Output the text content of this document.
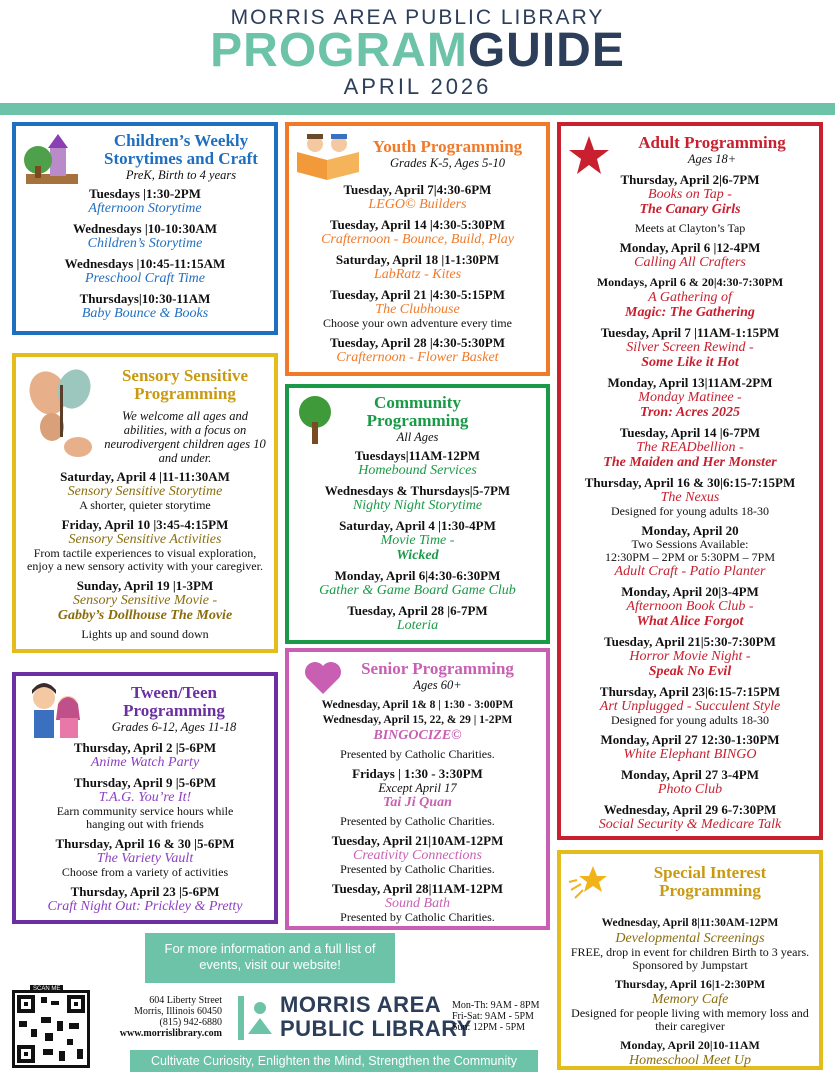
MORRIS AREA PUBLIC LIBRARY
PROGRAMGUIDE
APRIL 2026
Children’s Weekly Storytimes and Craft
PreK, Birth to 4 years
Tuesdays |1:30-2PM
Afternoon Storytime
Wednesdays |10-10:30AM
Children’s Storytime
Wednesdays |10:45-11:15AM
Preschool Craft Time
Thursdays|10:30-11AM
Baby Bounce & Books
Youth Programming
Grades K-5, Ages 5-10
Tuesday, April 7|4:30-6PM
LEGO© Builders
Tuesday, April 14 |4:30-5:30PM
Crafternoon - Bounce, Build, Play
Saturday, April 18 |1-1:30PM
LabRatz - Kites
Tuesday, April 21 |4:30-5:15PM
The Clubhouse
Choose your own adventure every time
Tuesday, April 28 |4:30-5:30PM
Crafternoon - Flower Basket
Adult Programming
Ages 18+
Thursday, April 2|6-7PM
Books on Tap -
The Canary Girls
Meets at Clayton’s Tap
Monday, April 6 |12-4PM
Calling All Crafters
Mondays, April 6 & 20|4:30-7:30PM
A Gathering of
Magic: The Gathering
Tuesday, April 7 |11AM-1:15PM
Silver Screen Rewind -
Some Like it Hot
Monday, April 13|11AM-2PM
Monday Matinee -
Tron: Acres 2025
Tuesday, April 14 |6-7PM
The READbellion -
The Maiden and Her Monster
Thursday, April 16 & 30|6:15-7:15PM
The Nexus
Designed for young adults 18-30
Monday, April 20
Two Sessions Available:
12:30PM – 2PM or 5:30PM – 7PM
Adult Craft - Patio Planter
Monday, April 20|3-4PM
Afternoon Book Club -
What Alice Forgot
Tuesday, April 21|5:30-7:30PM
Horror Movie Night -
Speak No Evil
Thursday, April 23|6:15-7:15PM
Art Unplugged - Succulent Style
Designed for young adults 18-30
Monday, April 27 12:30-1:30PM
White Elephant BINGO
Monday, April 27 3-4PM
Photo Club
Wednesday, April 29 6-7:30PM
Social Security & Medicare Talk
Sensory Sensitive Programming
We welcome all ages and abilities, with a focus on neurodivergent children ages 10 and under.
Saturday, April 4 |11-11:30AM
Sensory Sensitive Storytime
A shorter, quieter storytime
Friday, April 10 |3:45-4:15PM
Sensory Sensitive Activities
From tactile experiences to visual exploration, enjoy a new sensory activity with your caregiver.
Sunday, April 19 |1-3PM
Sensory Sensitive Movie -
Gabby’s Dollhouse The Movie
Lights up and sound down
Community Programming
All Ages
Tuesdays|11AM-12PM
Homebound Services
Wednesdays & Thursdays|5-7PM
Nighty Night Storytime
Saturday, April 4 |1:30-4PM
Movie Time -
Wicked
Monday, April 6|4:30-6:30PM
Gather & Game Board Game Club
Tuesday, April 28 |6-7PM
Loteria
Tween/Teen Programming
Grades 6-12, Ages 11-18
Thursday, April 2 |5-6PM
Anime Watch Party
Thursday, April 9 |5-6PM
T.A.G. You’re It!
Earn community service hours while hanging out with friends
Thursday, April 16 & 30 |5-6PM
The Variety Vault
Choose from a variety of activities
Thursday, April 23 |5-6PM
Craft Night Out: Prickley & Pretty
Senior Programming
Ages 60+
Wednesday, April 1& 8 | 1:30 - 3:00PM
Wednesday, April 15, 22, & 29 | 1-2PM
BINGOCIZE©
Presented by Catholic Charities.
Fridays | 1:30 - 3:30PM
Except April 17
Tai Ji Quan
Presented by Catholic Charities.
Tuesday, April 21|10AM-12PM
Creativity Connections
Presented by Catholic Charities.
Tuesday, April 28|11AM-12PM
Sound Bath
Presented by Catholic Charities.
Special Interest Programming
Wednesday, April 8|11:30AM-12PM
Developmental Screenings
FREE, drop in event for children Birth to 3 years. Sponsored by Jumpstart
Thursday, April 16|1-2:30PM
Memory Cafe
Designed for people living with memory loss and their caregiver
Monday, April 20|10-11AM
Homeschool Meet Up
For more information and a full list of events, visit our website!
SCAN ME
604 Liberty Street
Morris, Illinois 60450
(815) 942-6880
www.morrislibrary.com
MORRIS AREA
PUBLIC LIBRARY
Mon-Th: 9AM - 8PM
Fri-Sat: 9AM - 5PM
Sun: 12PM - 5PM
Cultivate Curiosity, Enlighten the Mind, Strengthen the Community
